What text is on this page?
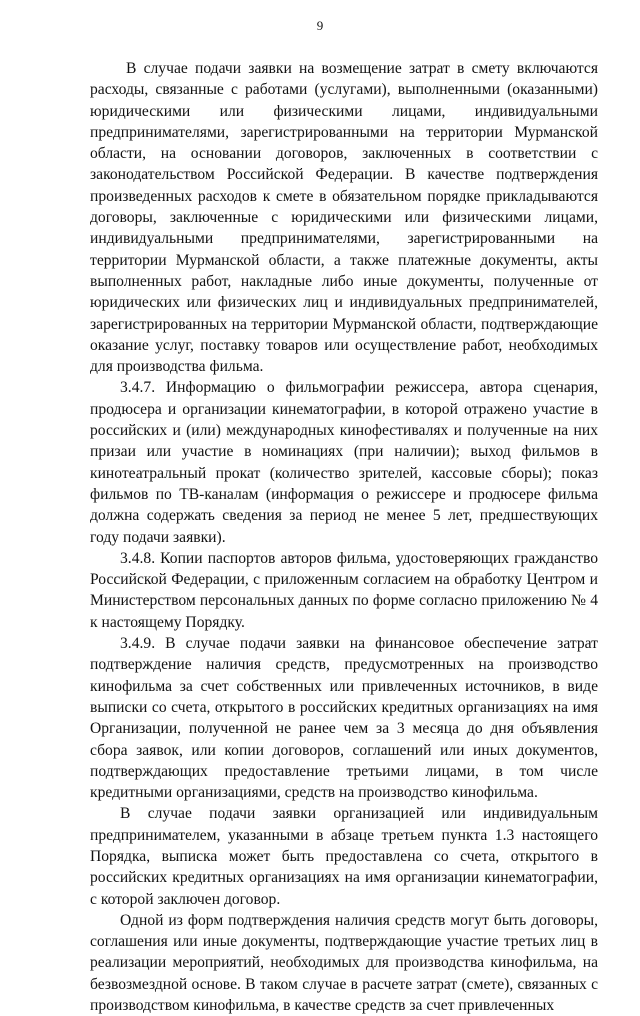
9

В случае подачи заявки на возмещение затрат в смету включаются расходы, связанные с работами (услугами), выполненными (оказанными) юридическими или физическими лицами, индивидуальными предпринимателями, зарегистрированными на территории Мурманской области, на основании договоров, заключенных в соответствии с законодательством Российской Федерации. В качестве подтверждения произведенных расходов к смете в обязательном порядке прикладываются договоры, заключенные с юридическими или физическими лицами, индивидуальными предпринимателями, зарегистрированными на территории Мурманской области, а также платежные документы, акты выполненных работ, накладные либо иные документы, полученные от юридических или физических лиц и индивидуальных предпринимателей, зарегистрированных на территории Мурманской области, подтверждающие оказание услуг, поставку товаров или осуществление работ, необходимых для производства фильма.

3.4.7. Информацию о фильмографии режиссера, автора сценария, продюсера и организации кинематографии, в которой отражено участие в российских и (или) международных кинофестивалях и полученные на них призаи или участие в номинациях (при наличии); выход фильмов в кинотеатральный прокат (количество зрителей, кассовые сборы); показ фильмов по ТВ-каналам (информация о режиссере и продюсере фильма должна содержать сведения за период не менее 5 лет, предшествующих году подачи заявки).

3.4.8. Копии паспортов авторов фильма, удостоверяющих гражданство Российской Федерации, с приложенным согласием на обработку Центром и Министерством персональных данных по форме согласно приложению № 4 к настоящему Порядку.

3.4.9. В случае подачи заявки на финансовое обеспечение затрат подтверждение наличия средств, предусмотренных на производство кинофильма за счет собственных или привлеченных источников, в виде выписки со счета, открытого в российских кредитных организациях на имя Организации, полученной не ранее чем за 3 месяца до дня объявления сбора заявок, или копии договоров, соглашений или иных документов, подтверждающих предоставление третьими лицами, в том числе кредитными организациями, средств на производство кинофильма.

В случае подачи заявки организацией или индивидуальным предпринимателем, указанными в абзаце третьем пункта 1.3 настоящего Порядка, выписка может быть предоставлена со счета, открытого в российских кредитных организациях на имя организации кинематографии, с которой заключен договор.

Одной из форм подтверждения наличия средств могут быть договоры, соглашения или иные документы, подтверждающие участие третьих лиц в реализации мероприятий, необходимых для производства кинофильма, на безвозмездной основе. В таком случае в расчете затрат (смете), связанных с производством кинофильма, в качестве средств за счет привлеченных
